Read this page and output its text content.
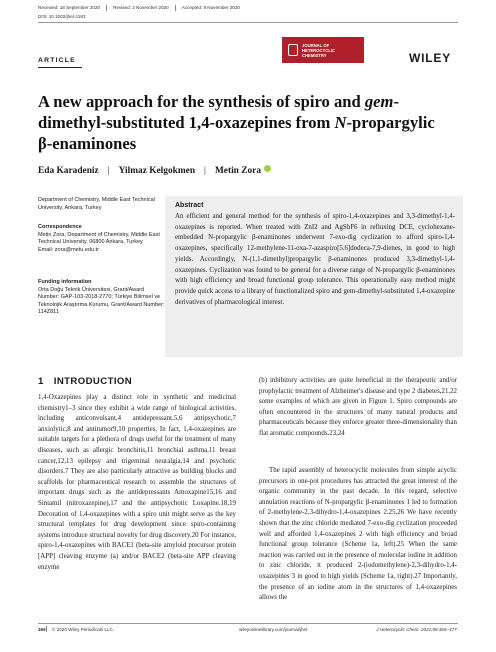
Received: 18 September 2020	Revised: 2 November 2020	Accepted: 9 November 2020
DOI: 10.1002/jhet.4183
ARTICLE
JOURNAL OF
HETEROCYCLIC
CHEMISTRY	WILEY
A new approach for the synthesis of spiro and gem-dimethyl-substituted 1,4-oxazepines from N-propargylic β-enaminones
Eda Karadeniz | Yilmaz Kelgokmen | Metin Zora
Department of Chemistry, Middle East Technical University, Ankara, Turkey
Correspondence
Metin Zora, Department of Chemistry, Middle East Technical University, 06800 Ankara, Turkey
Email: zora@metu.edu.tr
Funding information
Orta Doğu Teknik Üniversitesi, Grant/Award Number: GAP-103-2018-2770; Türkiye Bilimsel ve Teknolojik Araştırma Kurumu, Grant/Award Number: 114Z811
Abstract

An efficient and general method for the synthesis of spiro-1,4-oxazepines and 3,3-dimethyl-1,4-oxazepines is reported. When treated with ZnI2 and AgSbF6 in refluxing DCE, cyclohexane-embedded N-propargylic β-enaminones underwent 7-exo-dig cyclization to afford spiro-1,4-oxazepines, specifically 12-methylene-11-oxa-7-azaspiro[5.6]dodeca-7,9-dienes, in good to high yields. Accordingly, N-(1,1-dimethyl)propargylic β-enaminones produced 3,3-dimethyl-1,4-oxazepines. Cyclization was found to be general for a diverse range of N-propargylic β-enaminones with high efficiency and broad functional group tolerance. This operationally easy method might provide quick access to a library of functionalized spiro and gem-dimethyl-substituted 1,4-oxazepine derivatives of pharmacological interest.

1 INTRODUCTION

1,4-Oxazepines play a distinct role in synthetic and medicinal chemistry1–3 since they exhibit a wide range of biological activities, including anticonvulsant,4 antidepressant,5,6 antipsychotic,7 anxiolytic,8 and antitumor9,10 properties. In fact, 1,4-oxazepines are suitable targets for a plethora of drugs useful for the treatment of many diseases, such as allergic bronchitis,11 bronchial asthma,11 breast cancer,12,13 epilepsy and trigeminal neuralgia,14 and psychotic disorders.7 They are also particularly attractive as building blocks and scaffolds for pharmaceutical research to assemble the structures of important drugs such as the antidepressants Amoxapine15,16 and Sintamil (nitroxazepine),17 and the antipsychotic Loxapine.18,19 Decoration of 1,4-oxazepines with a spiro unit might serve as the key structural templates for drug development since spiro-containing systems introduce structural novelty for drug discovery.20 For instance, spiro-1,4-oxazepines with BACE1 (beta-site amyloid precursor protein [APP] cleaving enzyme (a) and/or BACE2 (beta-site APP cleaving enzyme

(b) inhibitory activities are quite beneficial in the therapeutic and/or prophylactic treatment of Alzheimer's disease and type 2 diabetes,21,22 some examples of which are given in Figure 1. Spiro compounds are often encountered in the structures of many natural products and pharmaceuticals because they enforce greater three-dimensionality than flat aromatic compounds.23,24

The rapid assembly of heterocyclic molecules from simple acyclic precursors in one-pot procedures has attracted the great interest of the organic community in the past decade. In this regard, selective annulation reactions of N-propargylic β-enaminones 1 led to formation of 2-methylene-2,3-dihydro-1,4-oxazepines 2.25,26 We have recently shown that the zinc chloride mediated 7-exo-dig cyclization proceeded well and afforded 1,4-oxazepines 2 with high efficiency and broad functional group tolerance (Scheme 1a, left).25 When the same reaction was carried out in the presence of molecular iodine in addition to zinc chloride, it produced 2-(iodomethylene)-2,3-dihydro-1,4-oxazepines 3 in good to high yields (Scheme 1a, right).27 Importantly, the presence of an iodine atom in the structures of 1,4-oxazepines allows the

466 © 2020 Wiley Periodicals LLC.	wileyonlinelibrary.com/journal/jhet	J Heterocyclic Chem. 2021;58:466–477.
